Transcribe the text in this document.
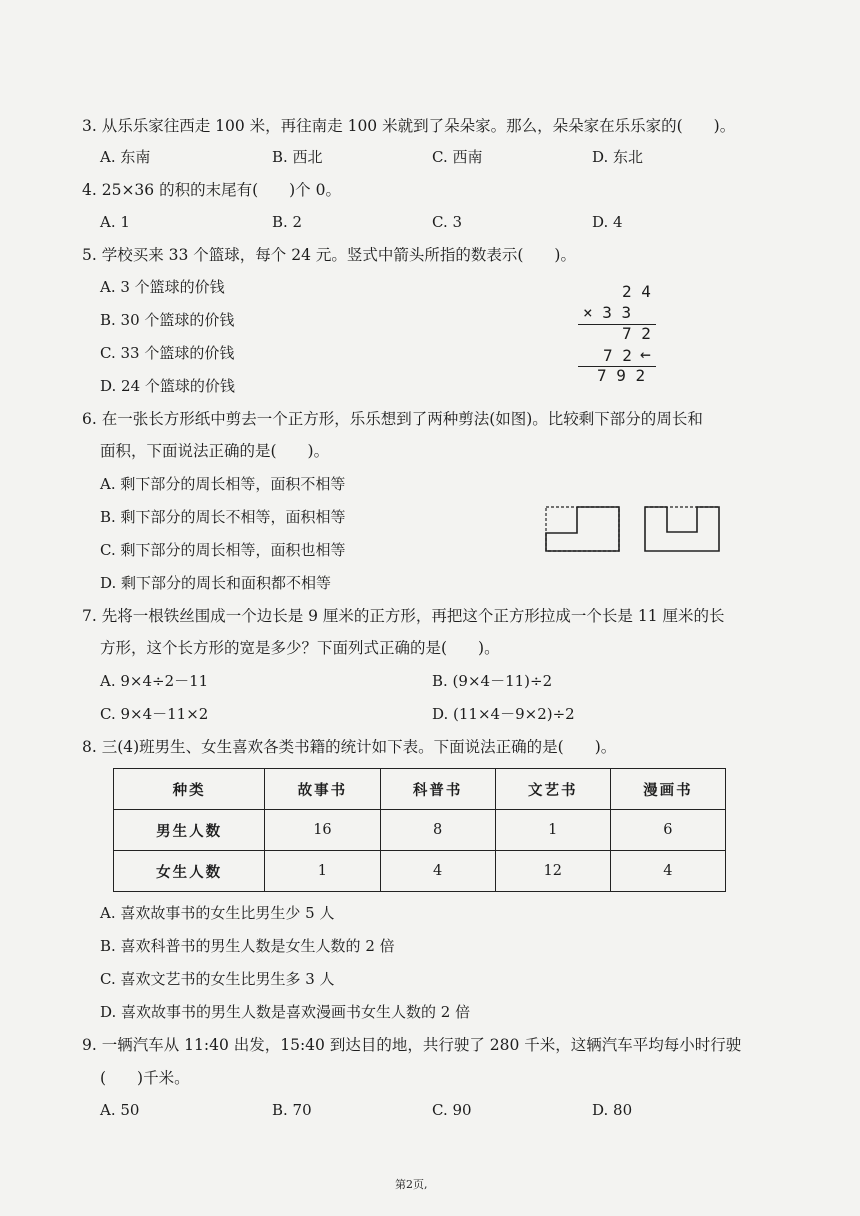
3. 从乐乐家往西走 100 米，再往南走 100 米就到了朵朵家。那么，朵朵家在乐乐家的(　　)。
A. 东南	B. 西北	C. 西南	D. 东北
4. 25×36 的积的末尾有(　　)个 0。
A. 1	B. 2	C. 3	D. 4
5. 学校买来 33 个篮球，每个 24 元。竖式中箭头所指的数表示(　　)。
A. 3 个篮球的价钱
B. 30 个篮球的价钱
C. 33 个篮球的价钱
D. 24 个篮球的价钱
2 4
× 3 3
7 2
7 2 ←
7 9 2
6. 在一张长方形纸中剪去一个正方形，乐乐想到了两种剪法(如图)。比较剩下部分的周长和
面积，下面说法正确的是(　　)。
A. 剩下部分的周长相等，面积不相等
B. 剩下部分的周长不相等，面积相等
C. 剩下部分的周长相等，面积也相等
D. 剩下部分的周长和面积都不相等
7. 先将一根铁丝围成一个边长是 9 厘米的正方形，再把这个正方形拉成一个长是 11 厘米的长
方形，这个长方形的宽是多少？下面列式正确的是(　　)。
A. 9×4÷2－11	B. (9×4－11)÷2
C. 9×4－11×2	D. (11×4－9×2)÷2
8. 三(4)班男生、女生喜欢各类书籍的统计如下表。下面说法正确的是(　　)。
种类	故事书	科普书	文艺书	漫画书
男生人数	16	8	1	6
女生人数	1	4	12	4
A. 喜欢故事书的女生比男生少 5 人
B. 喜欢科普书的男生人数是女生人数的 2 倍
C. 喜欢文艺书的女生比男生多 3 人
D. 喜欢故事书的男生人数是喜欢漫画书女生人数的 2 倍
9. 一辆汽车从 11:40 出发，15:40 到达目的地，共行驶了 280 千米，这辆汽车平均每小时行驶
(　　)千米。
A. 50	B. 70	C. 90	D. 80
第2页,
